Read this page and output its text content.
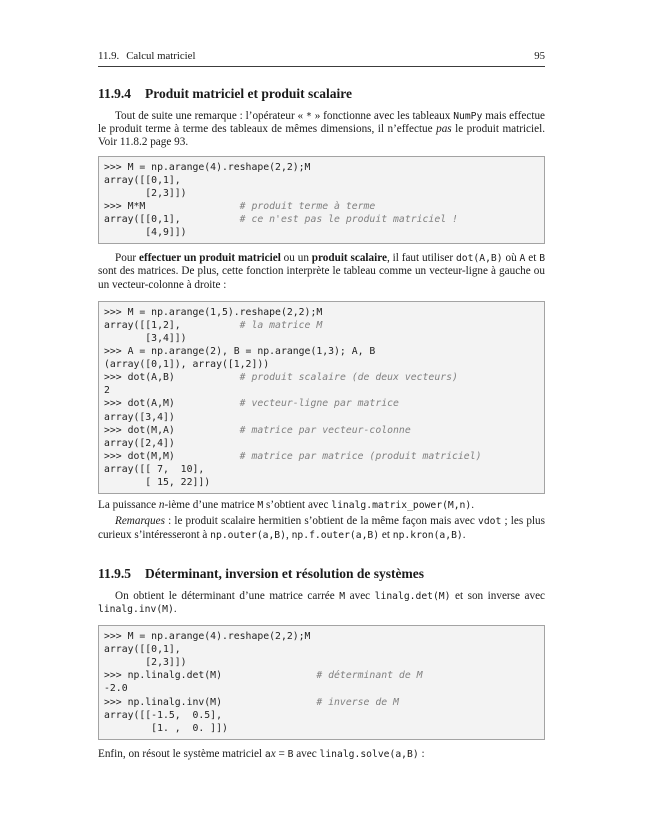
11.9. Calcul matriciel	95
11.9.4 Produit matriciel et produit scalaire

Tout de suite une remarque : l’opérateur « * » fonctionne avec les tableaux NumPy mais effectue le produit terme à terme des tableaux de mêmes dimensions, il n’effectue pas le produit matriciel. Voir 11.8.2 page 93.

>>> M = np.arange(4).reshape(2,2);M
array([[0,1],
[2,3]])
>>> M*M                # produit terme à terme
array([[0,1],          # ce n'est pas le produit matriciel !
[4,9]])

Pour effectuer un produit matriciel ou un produit scalaire, il faut utiliser dot(A,B) où A et B sont des matrices. De plus, cette fonction interprète le tableau comme un vecteur-ligne à gauche ou un vecteur-colonne à droite :

>>> M = np.arange(1,5).reshape(2,2);M
array([[1,2],          # la matrice M
[3,4]])
>>> A = np.arange(2), B = np.arange(1,3); A, B
(array([0,1]), array([1,2]))
>>> dot(A,B)           # produit scalaire (de deux vecteurs)
2
>>> dot(A,M)           # vecteur-ligne par matrice
array([3,4])
>>> dot(M,A)           # matrice par vecteur-colonne
array([2,4])
>>> dot(M,M)           # matrice par matrice (produit matriciel)
array([[ 7,  10],
[ 15, 22]])

La puissance n-ième d’une matrice M s’obtient avec linalg.matrix_power(M,n).

Remarques : le produit scalaire hermitien s’obtient de la même façon mais avec vdot ; les plus curieux s’intéresseront à np.outer(a,B), np.f.outer(a,B) et np.kron(a,B).

11.9.5 Déterminant, inversion et résolution de systèmes

On obtient le déterminant d’une matrice carrée M avec linalg.det(M) et son inverse avec linalg.inv(M).

>>> M = np.arange(4).reshape(2,2);M
array([[0,1],
[2,3]])
>>> np.linalg.det(M)                # déterminant de M
-2.0
>>> np.linalg.inv(M)                # inverse de M
array([[-1.5,  0.5],
[1. ,  0. ]])

Enfin, on résout le système matriciel ax = B avec linalg.solve(a,B) :
